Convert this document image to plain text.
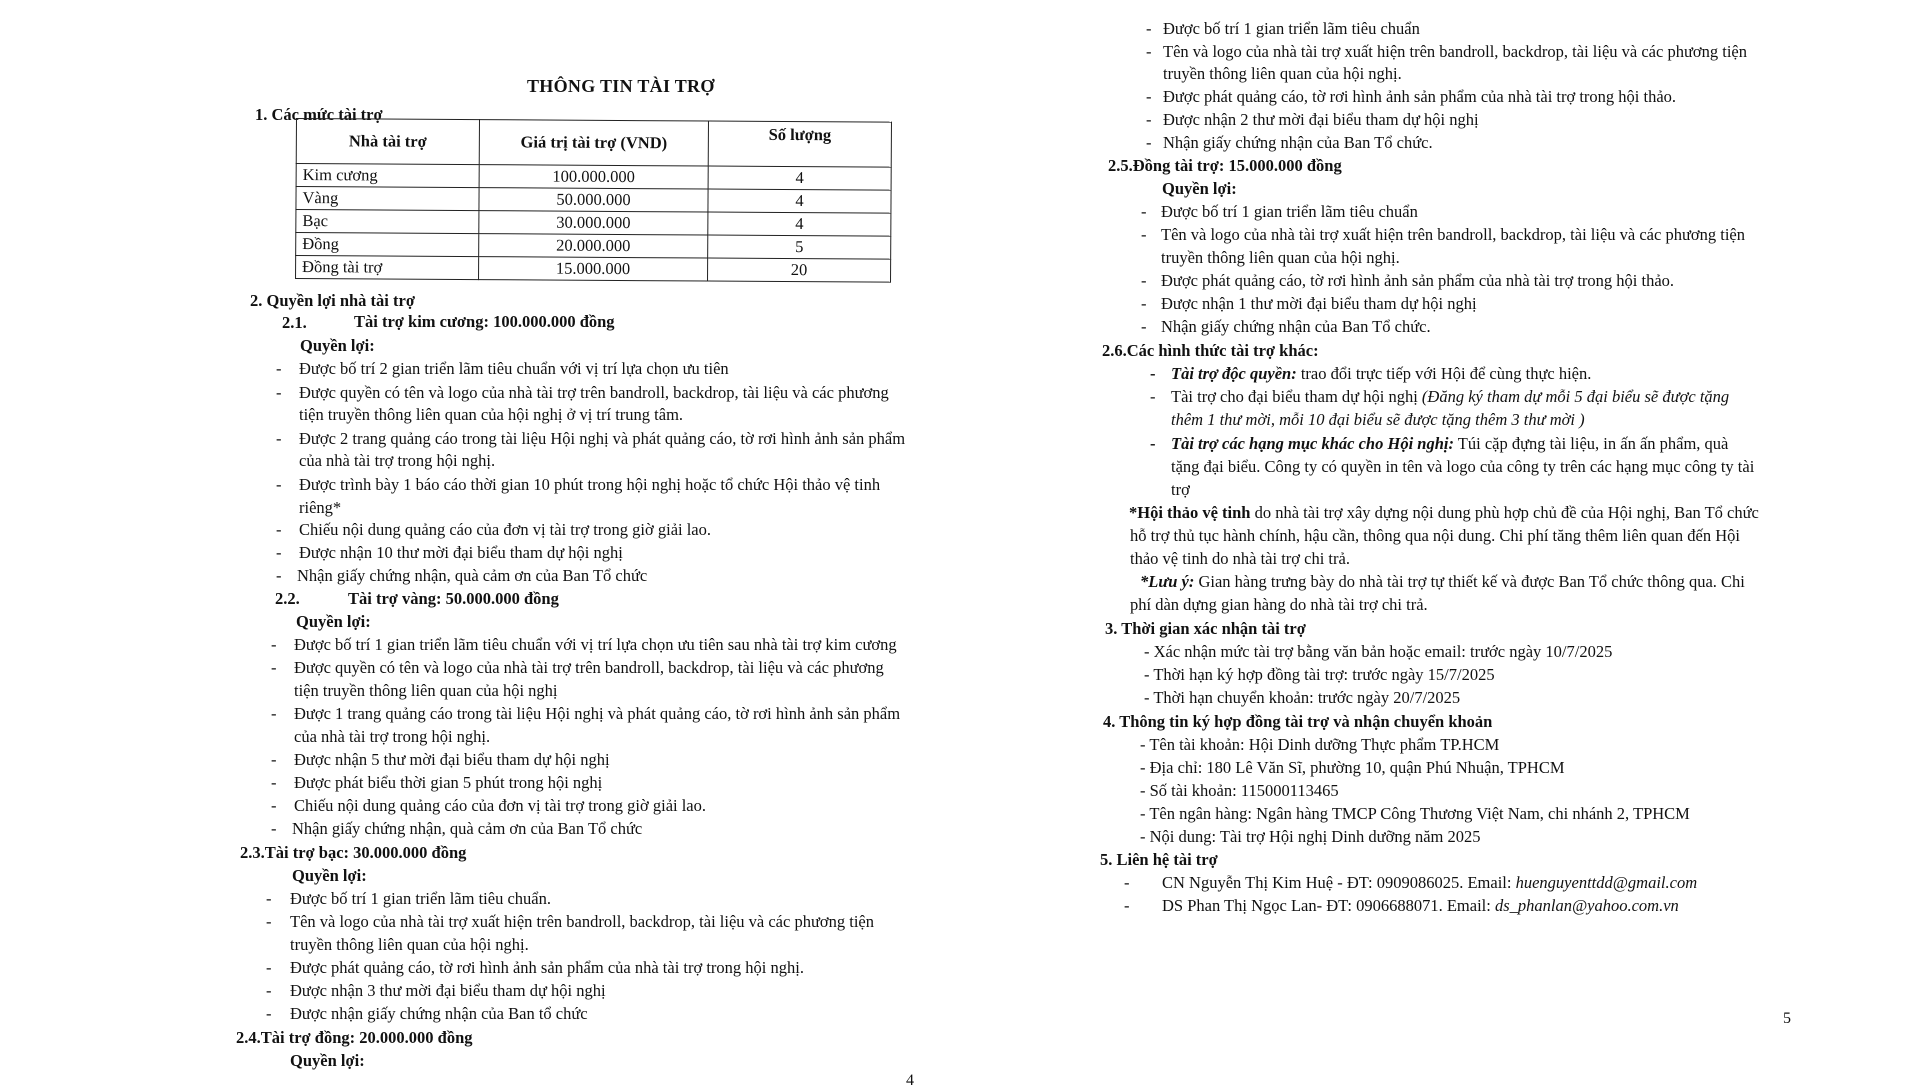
THÔNG TIN TÀI TRỢ
1. Các mức tài trợ
Nhà tài trợ	Giá trị tài trợ (VND)	Số lượng
Kim cương	100.000.000	4
Vàng	50.000.000	4
Bạc	30.000.000	4
Đồng	20.000.000	5
Đồng tài trợ	15.000.000	20
2. Quyền lợi nhà tài trợ
2.1.	Tài trợ kim cương: 100.000.000 đồng
Quyền lợi:
- Được bố trí 2 gian triển lãm tiêu chuẩn với vị trí lựa chọn ưu tiên
- Được quyền có tên và logo của nhà tài trợ trên bandroll, backdrop, tài liệu và các phương
tiện truyền thông liên quan của hội nghị ở vị trí trung tâm.
- Được 2 trang quảng cáo trong tài liệu Hội nghị và phát quảng cáo, tờ rơi hình ảnh sản phẩm
của nhà tài trợ trong hội nghị.
- Được trình bày 1 báo cáo thời gian 10 phút trong hội nghị hoặc tổ chức Hội thảo vệ tinh
riêng*
- Chiếu nội dung quảng cáo của đơn vị tài trợ trong giờ giải lao.
- Được nhận 10 thư mời đại biểu tham dự hội nghị
- Nhận giấy chứng nhận, quà cảm ơn của Ban Tổ chức
2.2.	Tài trợ vàng: 50.000.000 đồng
Quyền lợi:
- Được bố trí 1 gian triển lãm tiêu chuẩn với vị trí lựa chọn ưu tiên sau nhà tài trợ kim cương
- Được quyền có tên và logo của nhà tài trợ trên bandroll, backdrop, tài liệu và các phương
tiện truyền thông liên quan của hội nghị
- Được 1 trang quảng cáo trong tài liệu Hội nghị và phát quảng cáo, tờ rơi hình ảnh sản phẩm
của nhà tài trợ trong hội nghị.
- Được nhận 5 thư mời đại biểu tham dự hội nghị
- Được phát biểu thời gian 5 phút trong hội nghị
- Chiếu nội dung quảng cáo của đơn vị tài trợ trong giờ giải lao.
- Nhận giấy chứng nhận, quà cảm ơn của Ban Tổ chức
2.3.Tài trợ bạc: 30.000.000 đồng
Quyền lợi:
- Được bố trí 1 gian triển lãm tiêu chuẩn.
- Tên và logo của nhà tài trợ xuất hiện trên bandroll, backdrop, tài liệu và các phương tiện
truyền thông liên quan của hội nghị.
- Được phát quảng cáo, tờ rơi hình ảnh sản phẩm của nhà tài trợ trong hội nghị.
- Được nhận 3 thư mời đại biểu tham dự hội nghị
- Được nhận giấy chứng nhận của Ban tổ chức
2.4.Tài trợ đồng: 20.000.000 đồng
Quyền lợi:
4
- Được bố trí 1 gian triển lãm tiêu chuẩn
- Tên và logo của nhà tài trợ xuất hiện trên bandroll, backdrop, tài liệu và các phương tiện
truyền thông liên quan của hội nghị.
- Được phát quảng cáo, tờ rơi hình ảnh sản phẩm của nhà tài trợ trong hội thảo.
- Được nhận 2 thư mời đại biểu tham dự hội nghị
- Nhận giấy chứng nhận của Ban Tổ chức.
2.5.Đồng tài trợ: 15.000.000 đồng
Quyền lợi:
- Được bố trí 1 gian triển lãm tiêu chuẩn
- Tên và logo của nhà tài trợ xuất hiện trên bandroll, backdrop, tài liệu và các phương tiện
truyền thông liên quan của hội nghị.
- Được phát quảng cáo, tờ rơi hình ảnh sản phẩm của nhà tài trợ trong hội thảo.
- Được nhận 1 thư mời đại biểu tham dự hội nghị
- Nhận giấy chứng nhận của Ban Tổ chức.
2.6.Các hình thức tài trợ khác:
- Tài trợ độc quyền: trao đổi trực tiếp với Hội để cùng thực hiện.
- Tài trợ cho đại biểu tham dự hội nghị (Đăng ký tham dự mỗi 5 đại biểu sẽ được tặng
thêm 1 thư mời, mỗi 10 đại biểu sẽ được tặng thêm 3 thư mời )
- Tài trợ các hạng mục khác cho Hội nghị: Túi cặp đựng tài liệu, in ấn ấn phẩm, quà
tặng đại biểu. Công ty có quyền in tên và logo của công ty trên các hạng mục công ty tài
trợ
*Hội thảo vệ tinh do nhà tài trợ xây dựng nội dung phù hợp chủ đề của Hội nghị, Ban Tổ chức
hỗ trợ thủ tục hành chính, hậu cần, thông qua nội dung. Chi phí tăng thêm liên quan đến Hội
thảo vệ tinh do nhà tài trợ chi trả.
*Lưu ý: Gian hàng trưng bày do nhà tài trợ tự thiết kế và được Ban Tổ chức thông qua. Chi
phí dàn dựng gian hàng do nhà tài trợ chi trả.
3. Thời gian xác nhận tài trợ
- Xác nhận mức tài trợ bằng văn bản hoặc email: trước ngày 10/7/2025
- Thời hạn ký hợp đồng tài trợ: trước ngày 15/7/2025
- Thời hạn chuyển khoản: trước ngày 20/7/2025
4. Thông tin ký hợp đồng tài trợ và nhận chuyển khoản
- Tên tài khoản: Hội Dinh dưỡng Thực phẩm TP.HCM
- Địa chỉ: 180 Lê Văn Sĩ, phường 10, quận Phú Nhuận, TPHCM
- Số tài khoản: 115000113465
- Tên ngân hàng: Ngân hàng TMCP Công Thương Việt Nam, chi nhánh 2, TPHCM
- Nội dung: Tài trợ Hội nghị Dinh dưỡng năm 2025
5. Liên hệ tài trợ
- CN Nguyễn Thị Kim Huệ - ĐT: 0909086025. Email: huenguyenttdd@gmail.com
- DS Phan Thị Ngọc Lan- ĐT: 0906688071. Email: ds_phanlan@yahoo.com.vn
5
